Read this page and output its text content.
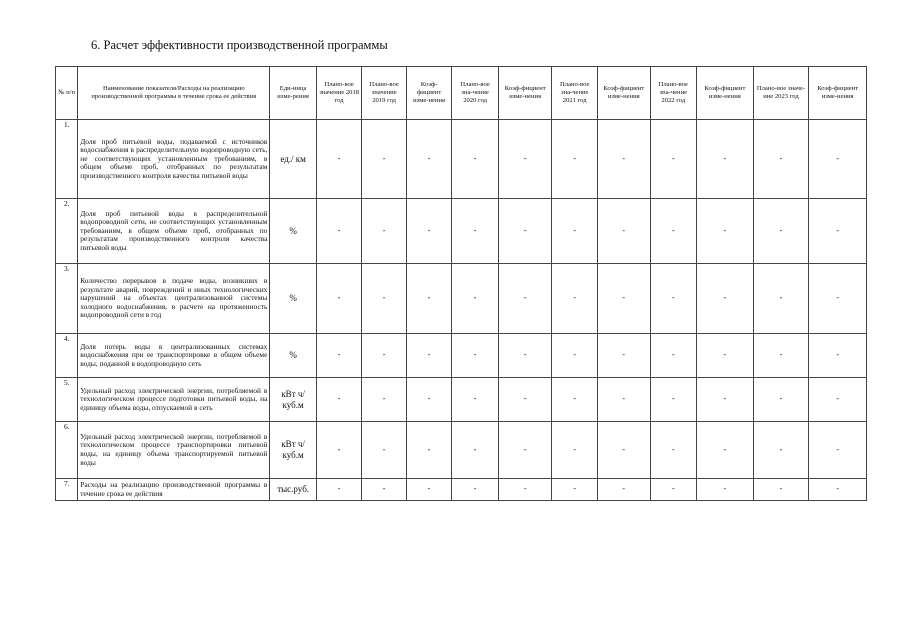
6. Расчет эффективности производственной программы
№ п/п	Наименование показателя/Расходы на реализацию производственной программы в течение срока ее действия	Еди-ница изме-рения	Плано-вое значение 2018 год	Плано-вое значение 2019 год	Коэф-фициент изме-нения	Плано-вое зна-чение 2020 год	Коэф-фициент изме-нения	Плано-вое зна-чение 2021 год	Коэф-фициент изме-нения	Плано-вое зна-чение 2022 год	Коэф-фициент изме-нения	Плано-вое значе-ние 2023 год	Коэф-фициент изме-нения
1.	Доля проб питьевой воды, подаваемой с источников водоснабжения в распределительную водопроводную сеть, не соответствующих установленным требованиям, в общем объеме проб, отобранных по результатам производственного контроля качества питьевой воды	ед./ км	-	-	-	-	-	-	-	-	-	-	-
2.	Доля проб питьевой воды в распределительной водопроводной сети, не соответствующих установленным требованиям, в общем объеме проб, отобранных по результатам производственного контроля качества питьевой воды	%	-	-	-	-	-	-	-	-	-	-	-
3.	Количество перерывов в подаче воды, возникших в результате аварий, повреждений и иных технологических нарушений на объектах централизованной системы холодного водоснабжения, в расчете на протяженность водопроводной сети в год	%	-	-	-	-	-	-	-	-	-	-	-
4.	Доля потерь воды в централизованных системах водоснабжения при ее транспортировке в общем объеме воды, поданной в водопроводную сеть	%	-	-	-	-	-	-	-	-	-	-	-
5.	Удельный расход электрической энергии, потребляемой в технологическом процессе подготовки питьевой воды, на единицу объема воды, отпускаемой в сеть	кВт ч/куб.м	-	-	-	-	-	-	-	-	-	-	-
6.	Удельный расход электрической энергии, потребляемой в технологическом процессе транспортировки питьевой воды, на единицу объема транспортируемой питьевой воды	кВт ч/куб.м	-	-	-	-	-	-	-	-	-	-	-
7.	Расходы на реализацию производственной программы в течение срока ее действия	тыс.руб.	-	-	-	-	-	-	-	-	-	-	-
